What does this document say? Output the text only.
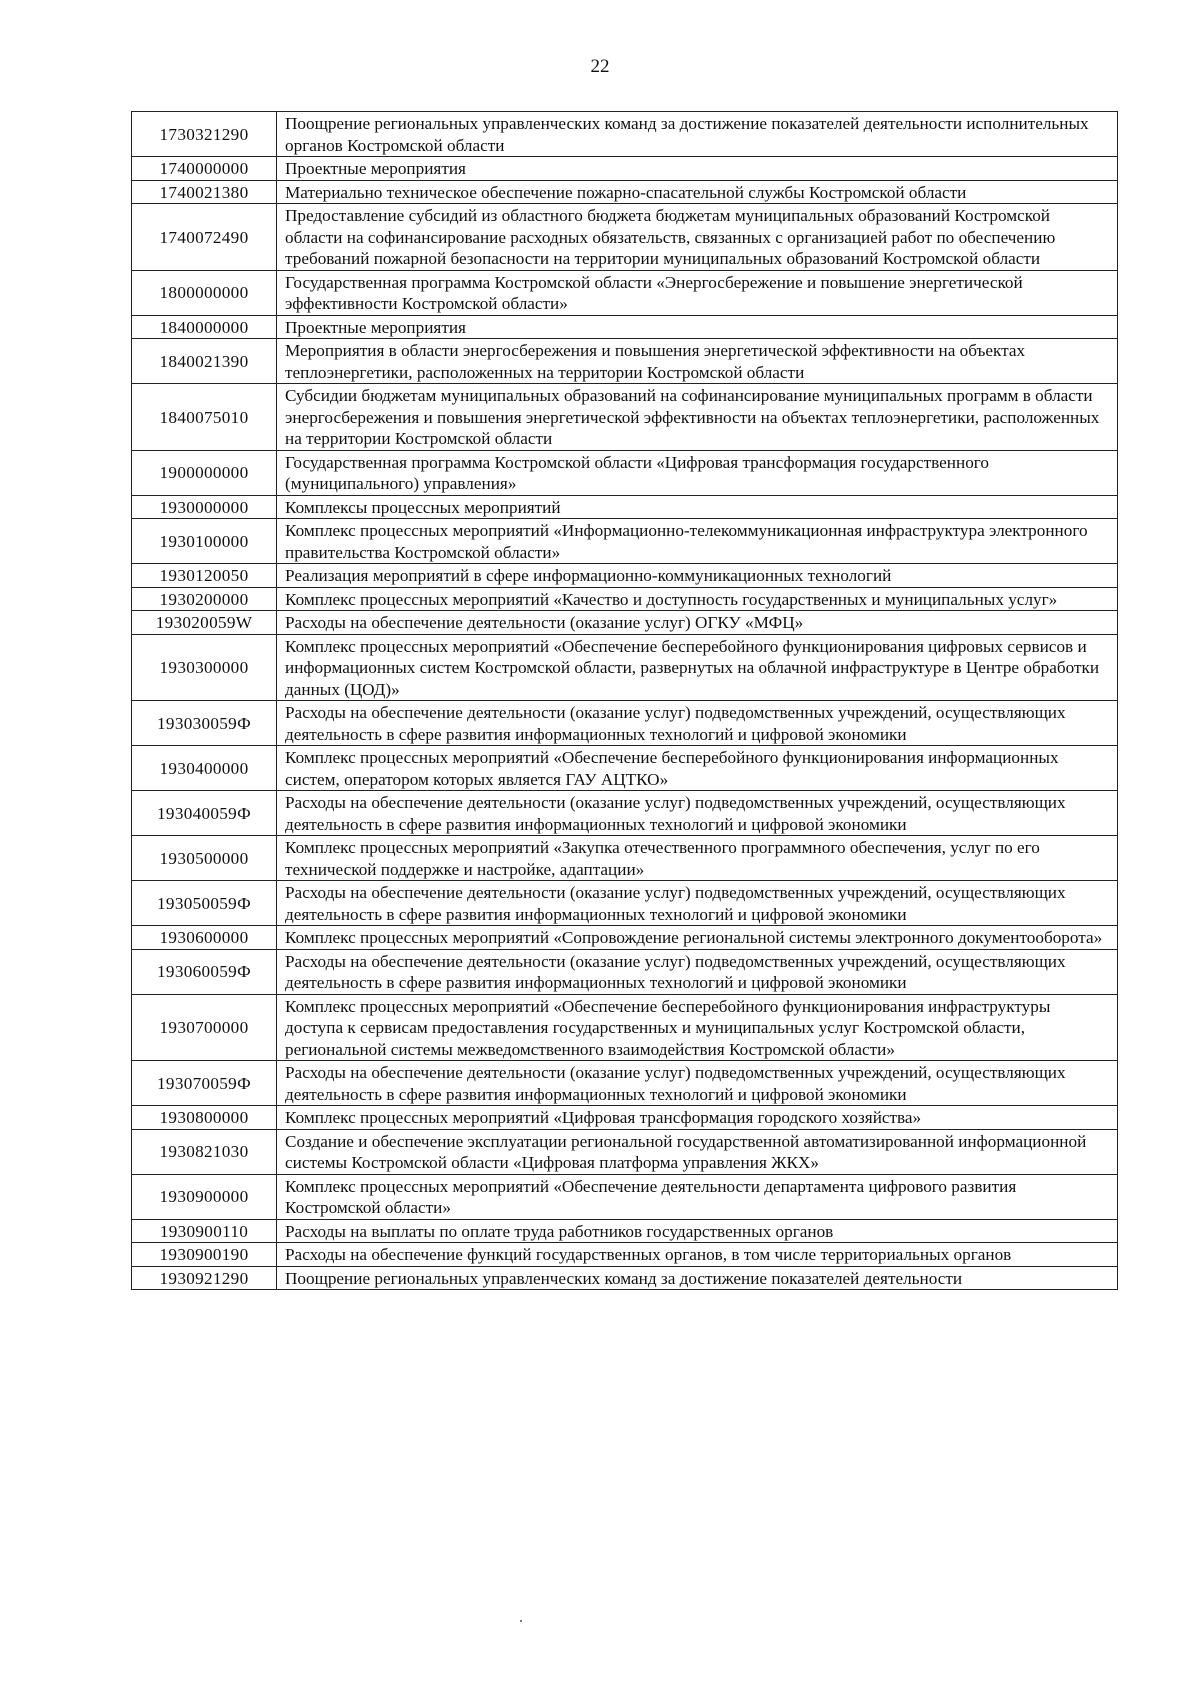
22
1730321290	Поощрение региональных управленческих команд за достижение показателей деятельности исполнительных органов Костромской области
1740000000	Проектные мероприятия
1740021380	Материально техническое обеспечение пожарно-спасательной службы Костромской области
1740072490	Предоставление субсидий из областного бюджета бюджетам муниципальных образований Костромской области на софинансирование расходных обязательств, связанных с организацией работ по обеспечению требований пожарной безопасности на территории муниципальных образований Костромской области
1800000000	Государственная программа Костромской области «Энергосбережение и повышение энергетической эффективности Костромской области»
1840000000	Проектные мероприятия
1840021390	Мероприятия в области энергосбережения и повышения энергетической эффективности на объектах теплоэнергетики, расположенных на территории Костромской области
1840075010	Субсидии бюджетам муниципальных образований на софинансирование муниципальных программ в области энергосбережения и повышения энергетической эффективности на объектах теплоэнергетики, расположенных на территории Костромской области
1900000000	Государственная программа Костромской области «Цифровая трансформация государственного (муниципального) управления»
1930000000	Комплексы процессных мероприятий
1930100000	Комплекс процессных мероприятий «Информационно-телекоммуникационная инфраструктура электронного правительства Костромской области»
1930120050	Реализация мероприятий в сфере информационно-коммуникационных технологий
1930200000	Комплекс процессных мероприятий «Качество и доступность государственных и муниципальных услуг»
193020059W	Расходы на обеспечение деятельности (оказание услуг) ОГКУ «МФЦ»
1930300000	Комплекс процессных мероприятий «Обеспечение бесперебойного функционирования цифровых сервисов и информационных систем Костромской области, развернутых на облачной инфраструктуре в Центре обработки данных (ЦОД)»
193030059Ф	Расходы на обеспечение деятельности (оказание услуг) подведомственных учреждений, осуществляющих деятельность в сфере развития информационных технологий и цифровой экономики
1930400000	Комплекс процессных мероприятий «Обеспечение бесперебойного функционирования информационных систем, оператором которых является ГАУ АЦТКО»
193040059Ф	Расходы на обеспечение деятельности (оказание услуг) подведомственных учреждений, осуществляющих деятельность в сфере развития информационных технологий и цифровой экономики
1930500000	Комплекс процессных мероприятий «Закупка отечественного программного обеспечения, услуг по его технической поддержке и настройке, адаптации»
193050059Ф	Расходы на обеспечение деятельности (оказание услуг) подведомственных учреждений, осуществляющих деятельность в сфере развития информационных технологий и цифровой экономики
1930600000	Комплекс процессных мероприятий «Сопровождение региональной системы электронного документооборота»
193060059Ф	Расходы на обеспечение деятельности (оказание услуг) подведомственных учреждений, осуществляющих деятельность в сфере развития информационных технологий и цифровой экономики
1930700000	Комплекс процессных мероприятий «Обеспечение бесперебойного функционирования инфраструктуры доступа к сервисам предоставления государственных и муниципальных услуг Костромской области, региональной системы межведомственного взаимодействия Костромской области»
193070059Ф	Расходы на обеспечение деятельности (оказание услуг) подведомственных учреждений, осуществляющих деятельность в сфере развития информационных технологий и цифровой экономики
1930800000	Комплекс процессных мероприятий «Цифровая трансформация городского хозяйства»
1930821030	Создание и обеспечение эксплуатации региональной государственной автоматизированной информационной системы Костромской области «Цифровая платформа управления ЖКХ»
1930900000	Комплекс процессных мероприятий «Обеспечение деятельности департамента цифрового развития Костромской области»
1930900110	Расходы на выплаты по оплате труда работников государственных органов
1930900190	Расходы на обеспечение функций государственных органов, в том числе территориальных органов
1930921290	Поощрение региональных управленческих команд за достижение показателей деятельности
